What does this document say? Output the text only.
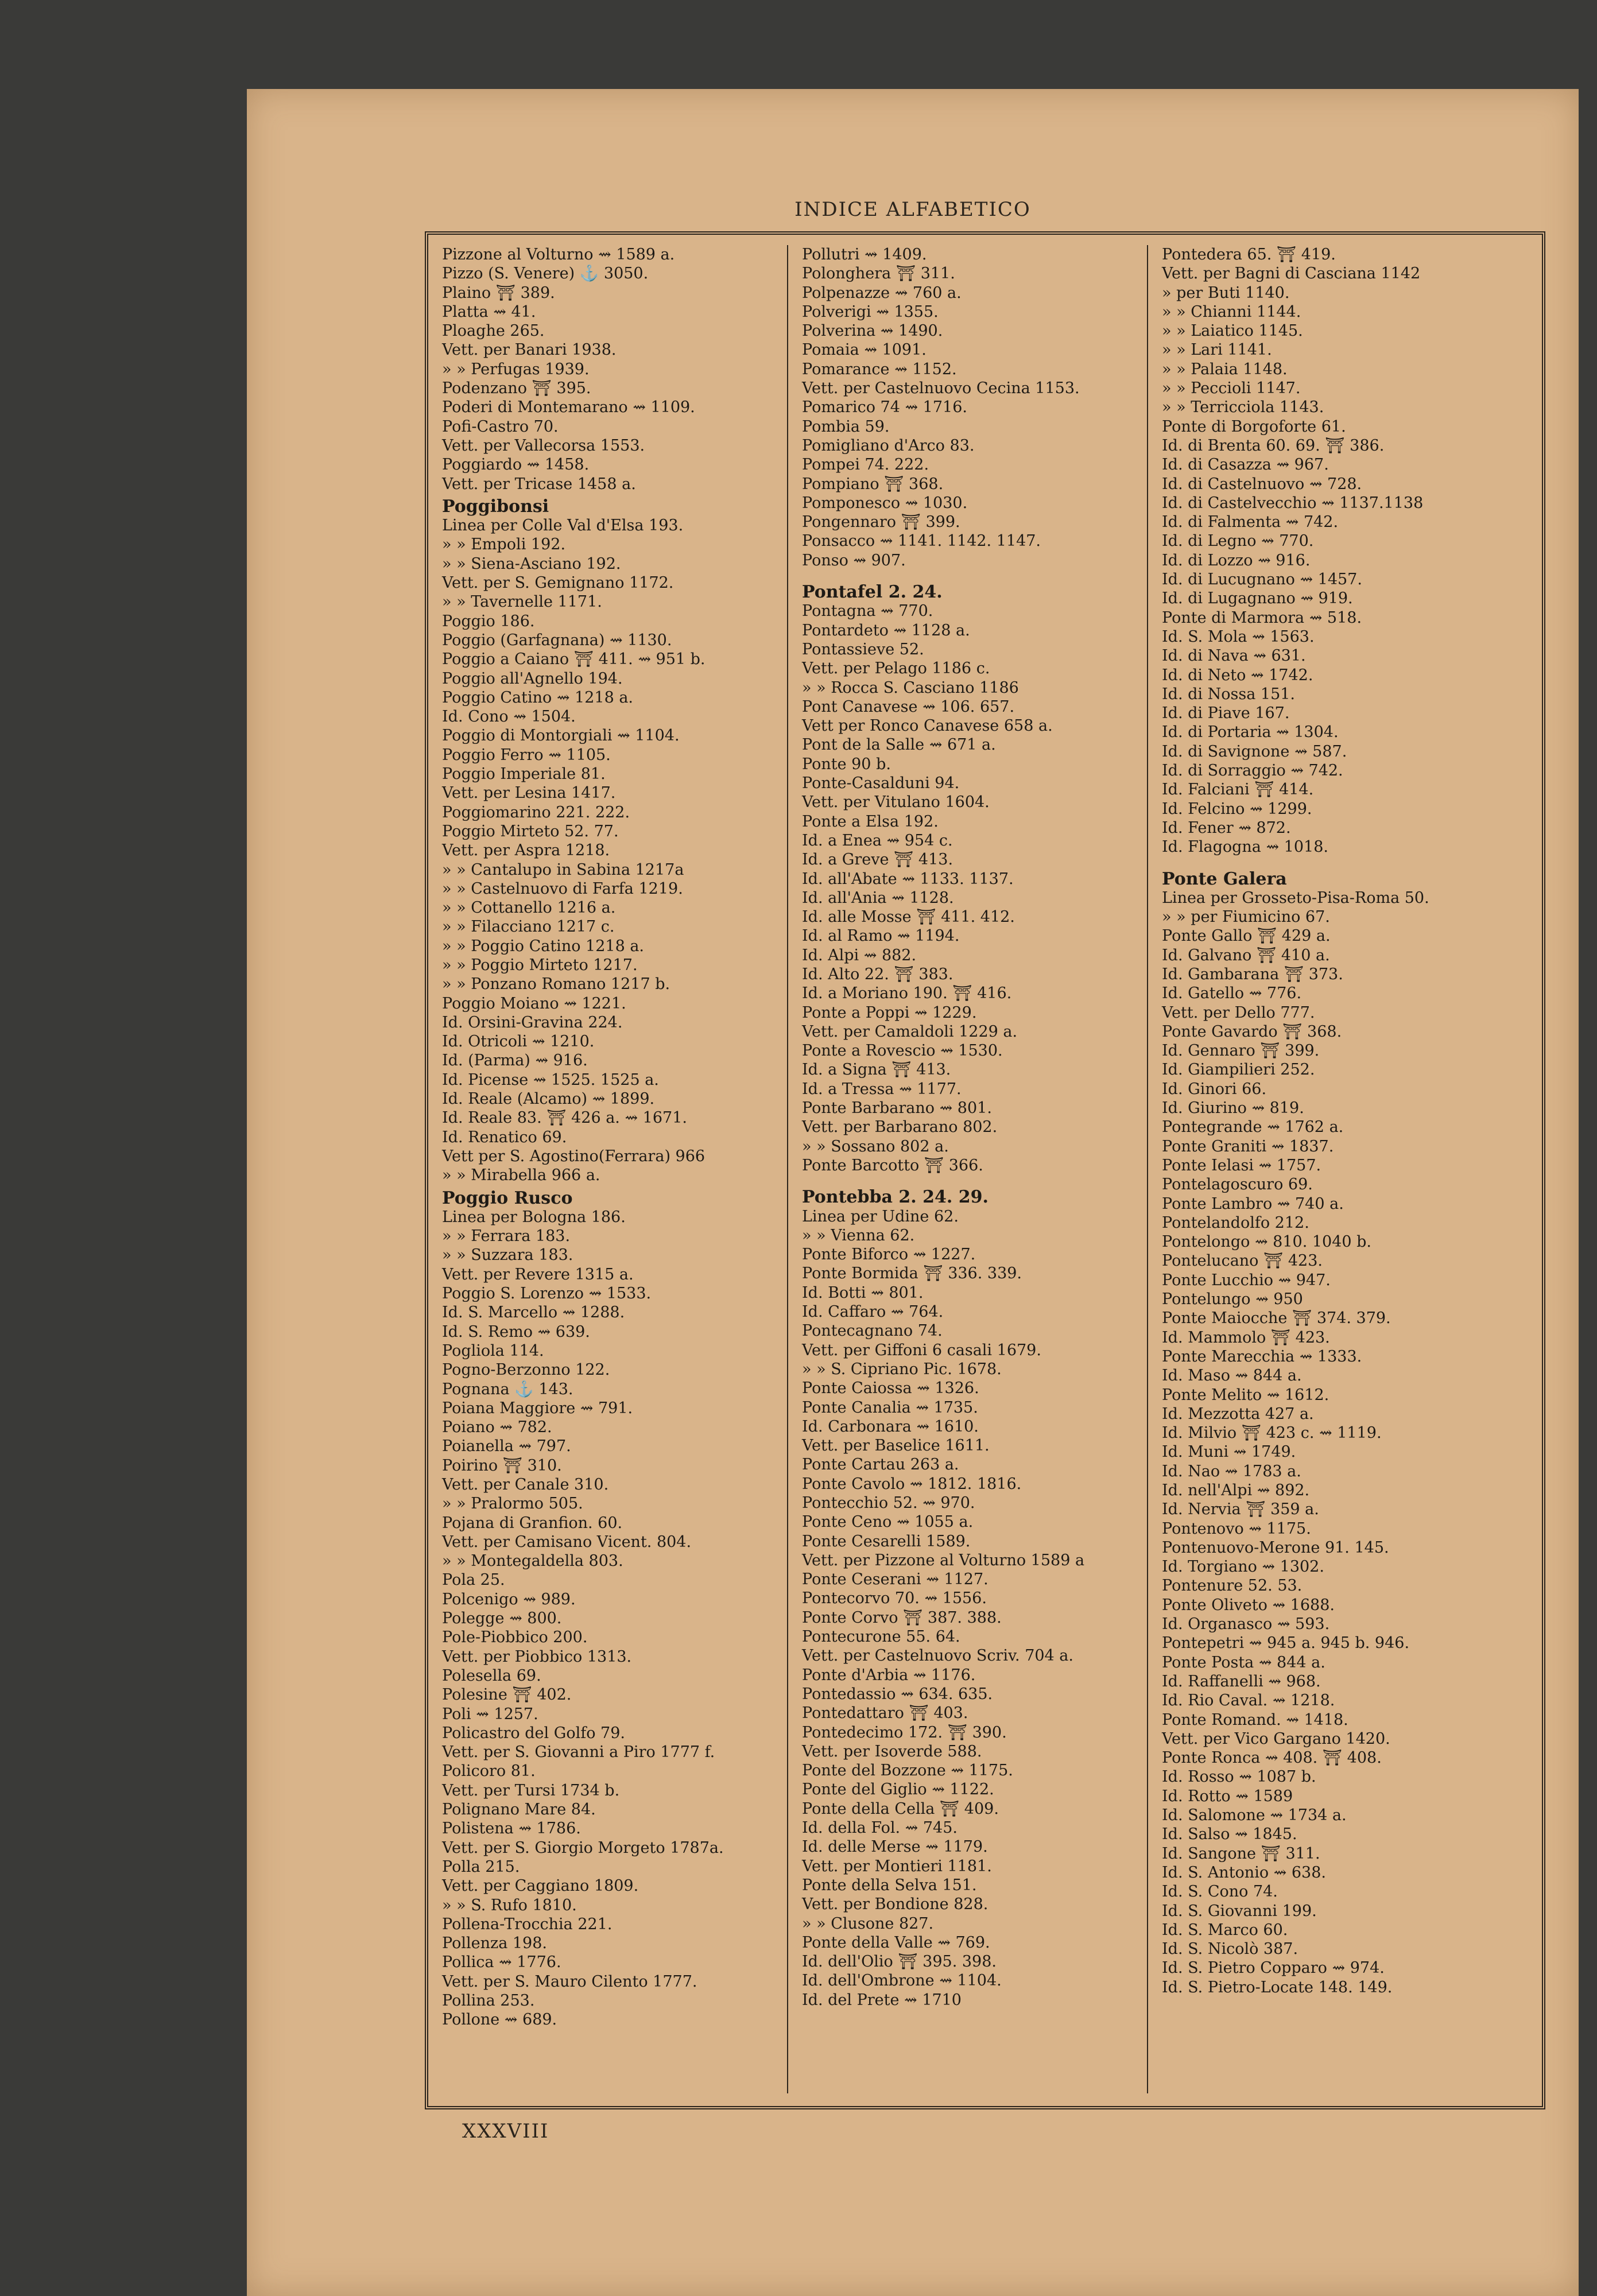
INDICE ALFABETICO
Pizzone al Volturno ⇝ 1589 a.
Pizzo (S. Venere) ⚓ 3050.
Plaino ⛩ 389.
Platta ⇝ 41.
Ploaghe 265.
Vett. per Banari 1938.
» » Perfugas 1939.
Podenzano ⛩ 395.
Poderi di Montemarano ⇝ 1109.
Pofi-Castro 70.
Vett. per Vallecorsa 1553.
Poggiardo ⇝ 1458.
Vett. per Tricase 1458 a.
Poggibonsi
Linea per Colle Val d'Elsa 193.
» » Empoli 192.
» » Siena-Asciano 192.
Vett. per S. Gemignano 1172.
» » Tavernelle 1171.
Poggio 186.
Poggio (Garfagnana) ⇝ 1130.
Poggio a Caiano ⛩ 411. ⇝ 951 b.
Poggio all'Agnello 194.
Poggio Catino ⇝ 1218 a.
Id. Cono ⇝ 1504.
Poggio di Montorgiali ⇝ 1104.
Poggio Ferro ⇝ 1105.
Poggio Imperiale 81.
Vett. per Lesina 1417.
Poggiomarino 221. 222.
Poggio Mirteto 52. 77.
Vett. per Aspra 1218.
» » Cantalupo in Sabina 1217a
» » Castelnuovo di Farfa 1219.
» » Cottanello 1216 a.
» » Filacciano 1217 c.
» » Poggio Catino 1218 a.
» » Poggio Mirteto 1217.
» » Ponzano Romano 1217 b.
Poggio Moiano ⇝ 1221.
Id. Orsini-Gravina 224.
Id. Otricoli ⇝ 1210.
Id. (Parma) ⇝ 916.
Id. Picense ⇝ 1525. 1525 a.
Id. Reale (Alcamo) ⇝ 1899.
Id. Reale 83. ⛩ 426 a. ⇝ 1671.
Id. Renatico 69.
Vett per S. Agostino(Ferrara) 966
» » Mirabella 966 a.
Poggio Rusco
Linea per Bologna 186.
» » Ferrara 183.
» » Suzzara 183.
Vett. per Revere 1315 a.
Poggio S. Lorenzo ⇝ 1533.
Id. S. Marcello ⇝ 1288.
Id. S. Remo ⇝ 639.
Pogliola 114.
Pogno-Berzonno 122.
Pognana ⚓ 143.
Poiana Maggiore ⇝ 791.
Poiano ⇝ 782.
Poianella ⇝ 797.
Poirino ⛩ 310.
Vett. per Canale 310.
» » Pralormo 505.
Pojana di Granfion. 60.
Vett. per Camisano Vicent. 804.
» » Montegaldella 803.
Pola 25.
Polcenigo ⇝ 989.
Polegge ⇝ 800.
Pole-Piobbico 200.
Vett. per Piobbico 1313.
Polesella 69.
Polesine ⛩ 402.
Poli ⇝ 1257.
Policastro del Golfo 79.
Vett. per S. Giovanni a Piro 1777 f.
Policoro 81.
Vett. per Tursi 1734 b.
Polignano Mare 84.
Polistena ⇝ 1786.
Vett. per S. Giorgio Morgeto 1787a.
Polla 215.
Vett. per Caggiano 1809.
» » S. Rufo 1810.
Pollena-Trocchia 221.
Pollenza 198.
Pollica ⇝ 1776.
Vett. per S. Mauro Cilento 1777.
Pollina 253.
Pollone ⇝ 689.
Pollutri ⇝ 1409.
Polonghera ⛩ 311.
Polpenazze ⇝ 760 a.
Polverigi ⇝ 1355.
Polverina ⇝ 1490.
Pomaia ⇝ 1091.
Pomarance ⇝ 1152.
Vett. per Castelnuovo Cecina 1153.
Pomarico 74 ⇝ 1716.
Pombia 59.
Pomigliano d'Arco 83.
Pompei 74. 222.
Pompiano ⛩ 368.
Pomponesco ⇝ 1030.
Pongennaro ⛩ 399.
Ponsacco ⇝ 1141. 1142. 1147.
Ponso ⇝ 907.
Pontafel 2. 24.
Pontagna ⇝ 770.
Pontardeto ⇝ 1128 a.
Pontassieve 52.
Vett. per Pelago 1186 c.
» » Rocca S. Casciano 1186
Pont Canavese ⇝ 106. 657.
Vett per Ronco Canavese 658 a.
Pont de la Salle ⇝ 671 a.
Ponte 90 b.
Ponte-Casalduni 94.
Vett. per Vitulano 1604.
Ponte a Elsa 192.
Id. a Enea ⇝ 954 c.
Id. a Greve ⛩ 413.
Id. all'Abate ⇝ 1133. 1137.
Id. all'Ania ⇝ 1128.
Id. alle Mosse ⛩ 411. 412.
Id. al Ramo ⇝ 1194.
Id. Alpi ⇝ 882.
Id. Alto 22. ⛩ 383.
Id. a Moriano 190. ⛩ 416.
Ponte a Poppi ⇝ 1229.
Vett. per Camaldoli 1229 a.
Ponte a Rovescio ⇝ 1530.
Id. a Signa ⛩ 413.
Id. a Tressa ⇝ 1177.
Ponte Barbarano ⇝ 801.
Vett. per Barbarano 802.
» » Sossano 802 a.
Ponte Barcotto ⛩ 366.
Pontebba 2. 24. 29.
Linea per Udine 62.
» » Vienna 62.
Ponte Biforco ⇝ 1227.
Ponte Bormida ⛩ 336. 339.
Id. Botti ⇝ 801.
Id. Caffaro ⇝ 764.
Pontecagnano 74.
Vett. per Giffoni 6 casali 1679.
» » S. Cipriano Pic. 1678.
Ponte Caiossa ⇝ 1326.
Ponte Canalia ⇝ 1735.
Id. Carbonara ⇝ 1610.
Vett. per Baselice 1611.
Ponte Cartau 263 a.
Ponte Cavolo ⇝ 1812. 1816.
Pontecchio 52. ⇝ 970.
Ponte Ceno ⇝ 1055 a.
Ponte Cesarelli 1589.
Vett. per Pizzone al Volturno 1589 a
Ponte Ceserani ⇝ 1127.
Pontecorvo 70. ⇝ 1556.
Ponte Corvo ⛩ 387. 388.
Pontecurone 55. 64.
Vett. per Castelnuovo Scriv. 704 a.
Ponte d'Arbia ⇝ 1176.
Pontedassio ⇝ 634. 635.
Pontedattaro ⛩ 403.
Pontedecimo 172. ⛩ 390.
Vett. per Isoverde 588.
Ponte del Bozzone ⇝ 1175.
Ponte del Giglio ⇝ 1122.
Ponte della Cella ⛩ 409.
Id. della Fol. ⇝ 745.
Id. delle Merse ⇝ 1179.
Vett. per Montieri 1181.
Ponte della Selva 151.
Vett. per Bondione 828.
» » Clusone 827.
Ponte della Valle ⇝ 769.
Id. dell'Olio ⛩ 395. 398.
Id. dell'Ombrone ⇝ 1104.
Id. del Prete ⇝ 1710
Pontedera 65. ⛩ 419.
Vett. per Bagni di Casciana 1142
» per Buti 1140.
» » Chianni 1144.
» » Laiatico 1145.
» » Lari 1141.
» » Palaia 1148.
» » Peccioli 1147.
» » Terricciola 1143.
Ponte di Borgoforte 61.
Id. di Brenta 60. 69. ⛩ 386.
Id. di Casazza ⇝ 967.
Id. di Castelnuovo ⇝ 728.
Id. di Castelvecchio ⇝ 1137.1138
Id. di Falmenta ⇝ 742.
Id. di Legno ⇝ 770.
Id. di Lozzo ⇝ 916.
Id. di Lucugnano ⇝ 1457.
Id. di Lugagnano ⇝ 919.
Ponte di Marmora ⇝ 518.
Id. S. Mola ⇝ 1563.
Id. di Nava ⇝ 631.
Id. di Neto ⇝ 1742.
Id. di Nossa 151.
Id. di Piave 167.
Id. di Portaria ⇝ 1304.
Id. di Savignone ⇝ 587.
Id. di Sorraggio ⇝ 742.
Id. Falciani ⛩ 414.
Id. Felcino ⇝ 1299.
Id. Fener ⇝ 872.
Id. Flagogna ⇝ 1018.
Ponte Galera
Linea per Grosseto-Pisa-Roma 50.
» » per Fiumicino 67.
Ponte Gallo ⛩ 429 a.
Id. Galvano ⛩ 410 a.
Id. Gambarana ⛩ 373.
Id. Gatello ⇝ 776.
Vett. per Dello 777.
Ponte Gavardo ⛩ 368.
Id. Gennaro ⛩ 399.
Id. Giampilieri 252.
Id. Ginori 66.
Id. Giurino ⇝ 819.
Pontegrande ⇝ 1762 a.
Ponte Graniti ⇝ 1837.
Ponte Ielasi ⇝ 1757.
Pontelagoscuro 69.
Ponte Lambro ⇝ 740 a.
Pontelandolfo 212.
Pontelongo ⇝ 810. 1040 b.
Pontelucano ⛩ 423.
Ponte Lucchio ⇝ 947.
Pontelungo ⇝ 950
Ponte Maiocche ⛩ 374. 379.
Id. Mammolo ⛩ 423.
Ponte Marecchia ⇝ 1333.
Id. Maso ⇝ 844 a.
Ponte Melito ⇝ 1612.
Id. Mezzotta 427 a.
Id. Milvio ⛩ 423 c. ⇝ 1119.
Id. Muni ⇝ 1749.
Id. Nao ⇝ 1783 a.
Id. nell'Alpi ⇝ 892.
Id. Nervia ⛩ 359 a.
Pontenovo ⇝ 1175.
Pontenuovo-Merone 91. 145.
Id. Torgiano ⇝ 1302.
Pontenure 52. 53.
Ponte Oliveto ⇝ 1688.
Id. Organasco ⇝ 593.
Pontepetri ⇝ 945 a. 945 b. 946.
Ponte Posta ⇝ 844 a.
Id. Raffanelli ⇝ 968.
Id. Rio Caval. ⇝ 1218.
Ponte Romand. ⇝ 1418.
Vett. per Vico Gargano 1420.
Ponte Ronca ⇝ 408. ⛩ 408.
Id. Rosso ⇝ 1087 b.
Id. Rotto ⇝ 1589
Id. Salomone ⇝ 1734 a.
Id. Salso ⇝ 1845.
Id. Sangone ⛩ 311.
Id. S. Antonio ⇝ 638.
Id. S. Cono 74.
Id. S. Giovanni 199.
Id. S. Marco 60.
Id. S. Nicolò 387.
Id. S. Pietro Copparo ⇝ 974.
Id. S. Pietro-Locate 148. 149.
XXXVIII
